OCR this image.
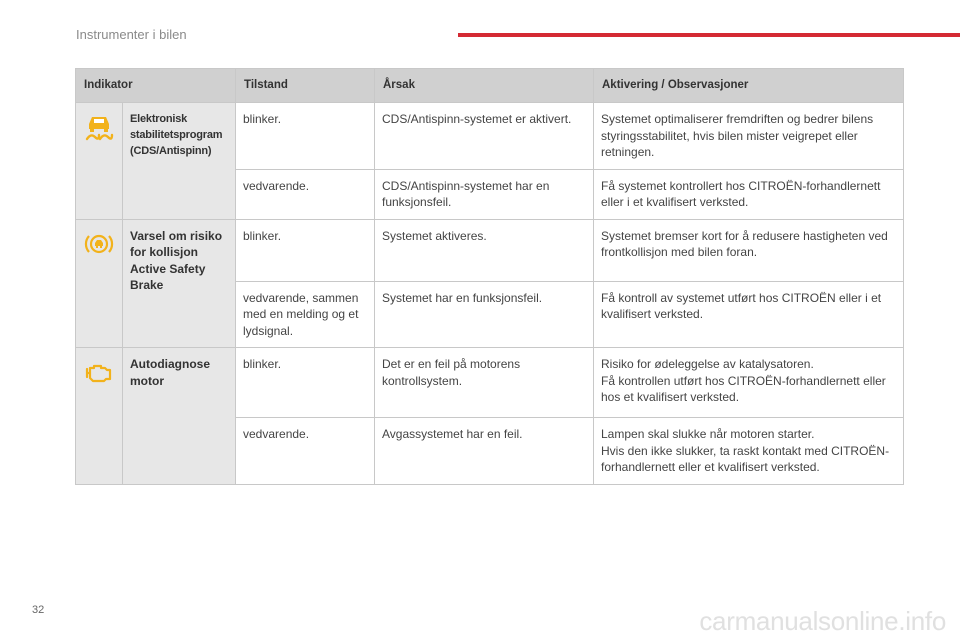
Instrumenter i bilen
Indikator		Tilstand	Årsak	Aktivering / Observasjoner

	Elektronisk stabilitetsprogram (CDS/Antispinn)	blinker.	CDS/Antispinn-systemet er aktivert.	Systemet optimaliserer fremdriften og bedrer bilens styringsstabilitet, hvis bilen mister veigrepet eller retningen.
		vedvarende.	CDS/Antispinn-systemet har en funksjonsfeil.	Få systemet kontrollert hos CITROËN-forhandlernett eller i et kvalifisert verksted.

	Varsel om risiko for kollisjon Active Safety Brake	blinker.	Systemet aktiveres.	Systemet bremser kort for å redusere hastigheten ved frontkollisjon med bilen foran.
		vedvarende, sammen med en melding og et lydsignal.	Systemet har en funksjonsfeil.	Få kontroll av systemet utført hos CITROËN eller i et kvalifisert verksted.

	Autodiagnose motor	blinker.	Det er en feil på motorens kontrollsystem.	Risiko for ødeleggelse av katalysatoren.
Få kontrollen utført hos CITROËN-forhandlernett eller hos et kvalifisert verksted.
		vedvarende.	Avgassystemet har en feil.	Lampen skal slukke når motoren starter.
Hvis den ikke slukker, ta raskt kontakt med CITROËN-forhandlernett eller et kvalifisert verksted.
32	carmanualsonline.info
